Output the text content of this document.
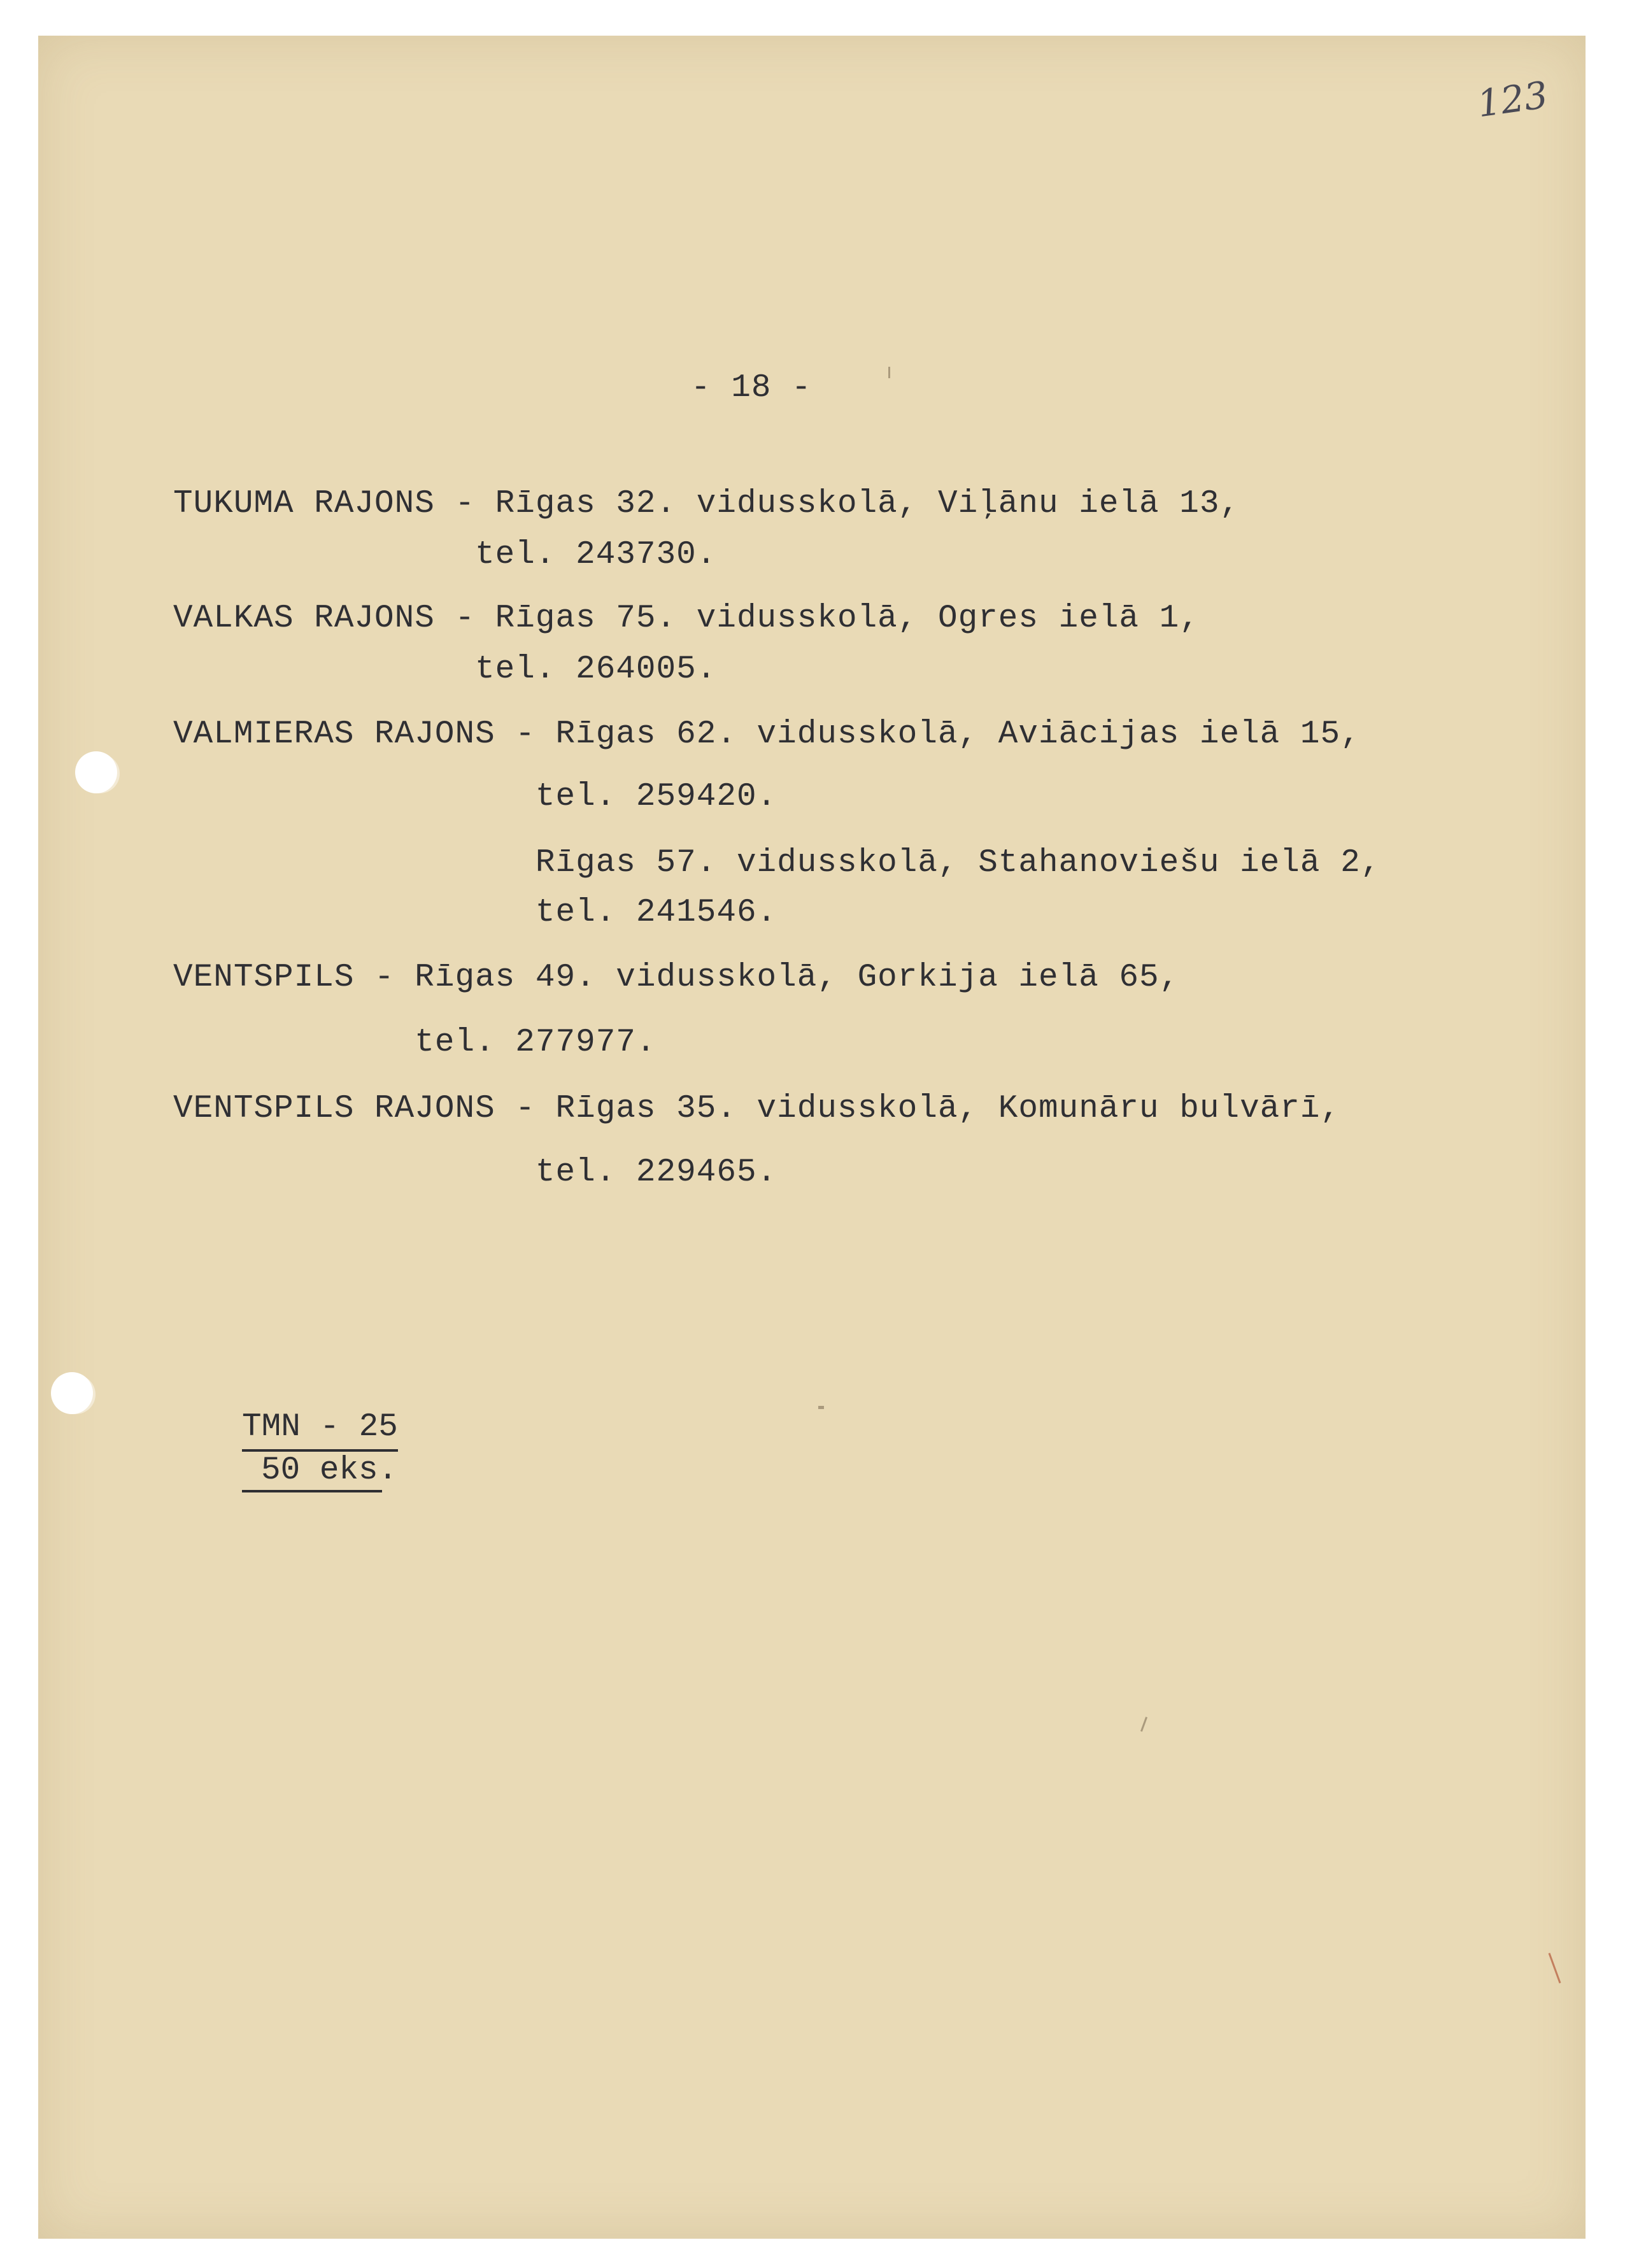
123

- 18 -

TUKUMA RAJONS - Rīgas 32. vidusskolā, Viļānu ielā 13,

tel. 243730.

VALKAS RAJONS - Rīgas 75. vidusskolā, Ogres ielā 1,

tel. 264005.

VALMIERAS RAJONS - Rīgas 62. vidusskolā, Aviācijas ielā 15,

tel. 259420.

Rīgas 57. vidusskolā, Stahanoviešu ielā 2,

tel. 241546.

VENTSPILS - Rīgas 49. vidusskolā, Gorkija ielā 65,

tel. 277977.

VENTSPILS RAJONS - Rīgas 35. vidusskolā, Komunāru bulvārī,

tel. 229465.

TMN - 25
50 eks.
